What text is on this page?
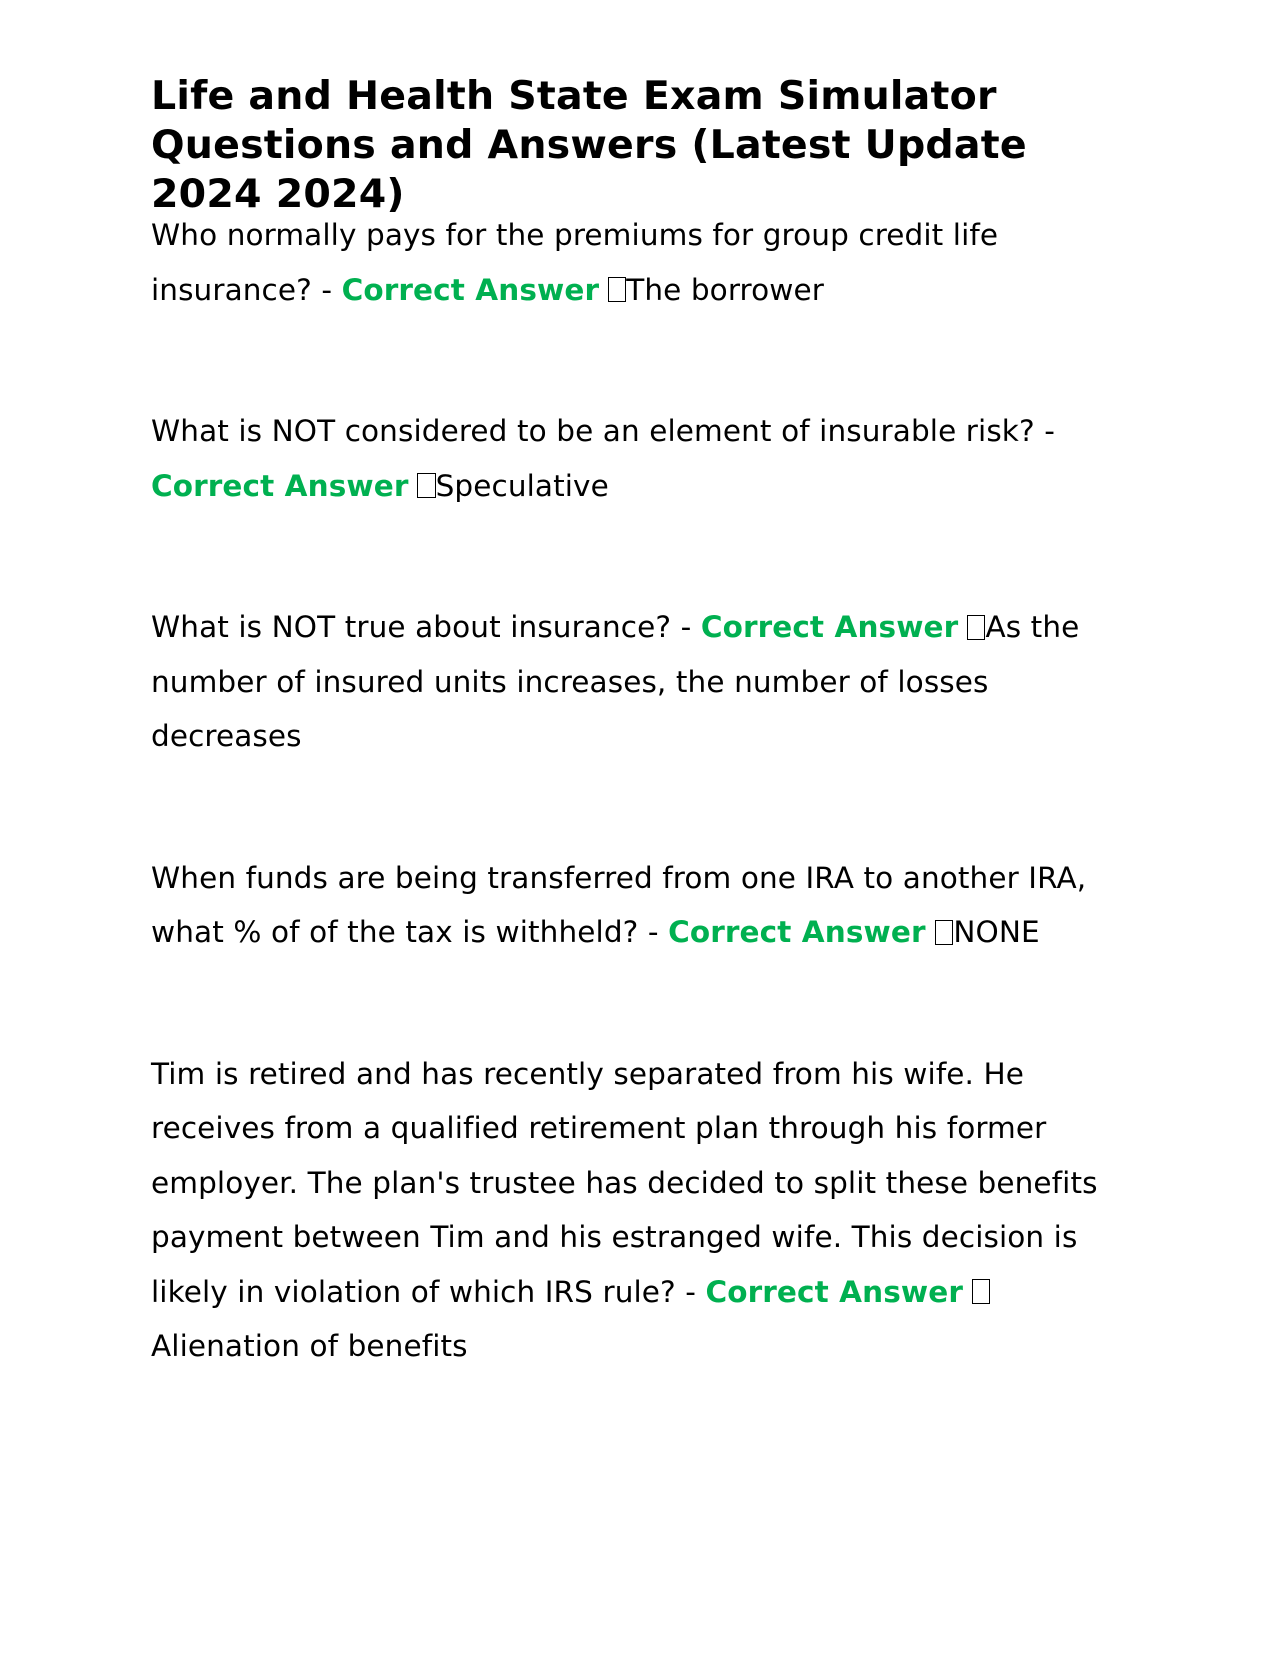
Life and Health State Exam Simulator Questions and Answers (Latest Update 2024 2024)

Who normally pays for the premiums for group credit life insurance? - Correct Answer The borrower

What is NOT considered to be an element of insurable risk? - Correct Answer Speculative

What is NOT true about insurance? - Correct Answer As the number of insured units increases, the number of losses decreases

When funds are being transferred from one IRA to another IRA, what % of of the tax is withheld? - Correct Answer NONE

Tim is retired and has recently separated from his wife. He receives from a qualified retirement plan through his former employer. The plan's trustee has decided to split these benefits payment between Tim and his estranged wife. This decision is likely in violation of which IRS rule? - Correct AnswerAlienation of benefits
